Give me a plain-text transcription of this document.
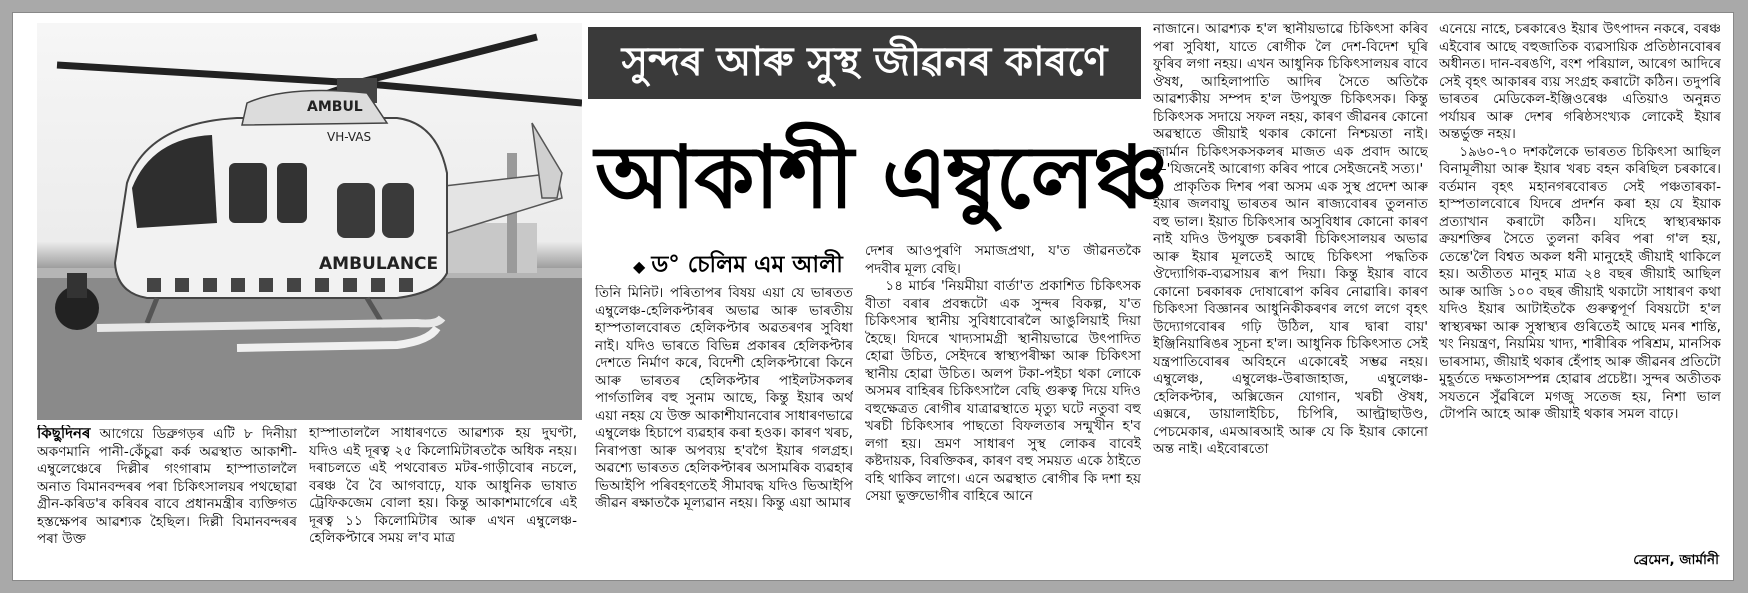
AMBUL
VH-VAS
AMBULANCE
সুন্দৰ আৰু সুস্থ জীৱনৰ কাৰণে
আকাশী এম্বুলেঞ্চ
◆ ড° চেলিম এম আলী

কিছুদিনৰ আগেয়ে ডিব্ৰুগড়ৰ এটি ৮ দিনীয়া অকণমানি পানী-কেঁচুৱা কৰ্ক অৱস্থাত আকাশী-এম্বুলেঞ্চেৰে দিল্লীৰ গংগাৰাম হাস্পাতাললৈ অনাত বিমানবন্দৰৰ পৰা চিকিৎসালয়ৰ পথছোৱা গ্ৰীন-কৰিড'ৰ কৰিবৰ বাবে প্ৰধানমন্ত্ৰীৰ ব্যক্তিগত হস্তক্ষেপৰ আৱশ্যক হৈছিল। দিল্লী বিমানবন্দৰৰ পৰা উক্ত

হাস্পাতাললৈ সাধাৰণতে আৱশ্যক হয় দুঘণ্টা, যদিও এই দূৰত্ব ২৫ কিলোমিটাৰতকৈ অধিক নহয়। দৰাচলতে এই পথবোৰত মটৰ-গাড়ীবোৰ নচলে, বৰঞ্চ বৈ বৈ আগবাঢ়ে, যাক আধুনিক ভাষাত ট্ৰেফিকজেম বোলা হয়। কিন্তু আকাশমাৰ্গেৰে এই দূৰত্ব ১১ কিলোমিটাৰ আৰু এখন এম্বুলেঞ্চ-হেলিকপ্টাৰে সময় ল'ব মাত্ৰ

তিনি মিনিট। পৰিতাপৰ বিষয় এয়া যে ভাৰতত এম্বুলেঞ্চ-হেলিকপ্টাৰৰ অভাৱ আৰু ভাৰতীয় হাস্পতালবোৰত হেলিকপ্টাৰ অৱতৰণৰ সুবিধা নাই। যদিও ভাৰতে বিভিন্ন প্ৰকাৰৰ হেলিকপ্টাৰ দেশতে নিৰ্মাণ কৰে, বিদেশী হেলিকপ্টাৰো কিনে আৰু ভাৰতৰ হেলিকপ্টাৰ পাইলটসকলৰ পাৰ্গতালিৰ বহু সুনাম আছে, কিন্তু ইয়াৰ অৰ্থ এয়া নহয় যে উক্ত আকাশীযানবোৰ সাধাৰণভাৱে এম্বুলেঞ্চ হিচাপে ব্যৱহাৰ কৰা হওক। কাৰণ খৰচ, নিৰাপত্তা আৰু অপব্যয় হ'বগৈ ইয়াৰ গলগ্ৰহ। অৱশ্যে ভাৰতত হেলিকপ্টাৰৰ অসামৰিক ব্যৱহাৰ ভিআইপি পৰিবহণতেই সীমাবদ্ধ যদিও ভিআইপি জীৱন ৰক্ষাতকৈ মূল্যৱান নহয়। কিন্তু এয়া আমাৰ

দেশৰ আওপুৰণি সমাজপ্ৰথা, য'ত জীৱনতকৈ পদবীৰ মূল্য বেছি।

১৪ মাৰ্চৰ 'নিয়মীয়া বাৰ্তা'ত প্ৰকাশিত চিকিৎসক বীতা বৰাৰ প্ৰবন্ধটো এক সুন্দৰ বিকল্প, য'ত চিকিৎসাৰ স্থানীয় সুবিধাবোৰলৈ আঙুলিয়াই দিয়া হৈছে। যিদৰে খাদ্যসামগ্ৰী স্থানীয়ভাৱে উৎপাদিত হোৱা উচিত, সেইদৰে স্বাস্থ্যপৰীক্ষা আৰু চিকিৎসা স্থানীয় হোৱা উচিত। অলপ টকা-পইচা থকা লোকে অসমৰ বাহিৰৰ চিকিৎসালৈ বেছি গুৰুত্ব দিয়ে যদিও বহুক্ষেত্ৰত ৰোগীৰ যাত্ৰাৱস্থাতে মৃত্যু ঘটে নতুবা বহু খৰচী চিকিৎসাৰ পাছতো বিফলতাৰ সন্মুখীন হ'ব লগা হয়। ভ্ৰমণ সাধাৰণ সুস্থ লোকৰ বাবেই কষ্টদায়ক, বিৰক্তিকৰ, কাৰণ বহু সময়ত একে ঠাইতে বহি থাকিব লাগে। এনে অৱস্থাত ৰোগীৰ কি দশা হয় সেয়া ভুক্তভোগীৰ বাহিৰে আনে

নাজানে। আৱশ্যক হ'ল স্থানীয়ভাৱে চিকিৎসা কৰিব পৰা সুবিধা, যাতে ৰোগীক লৈ দেশ-বিদেশ ঘূৰি ফুৰিব লগা নহয়। এখন আধুনিক চিকিৎসালয়ৰ বাবে ঔষধ, আহিলাপাতি আদিৰ সৈতে অতিকৈ আৱশ্যকীয় সম্পদ হ'ল উপযুক্ত চিকিৎসক। কিন্তু চিকিৎসক সদায়ে সফল নহয়, কাৰণ জীৱনৰ কোনো অৱস্থাতে জীয়াই থকাৰ কোনো নিশ্চয়তা নাই। জাৰ্মান চিকিৎসকসকলৰ মাজত এক প্ৰবাদ আছে—'যিজনেই আৰোগ্য কৰিব পাৰে সেইজনেই সত্য।'

প্ৰাকৃতিক দিশৰ পৰা অসম এক সুস্থ প্ৰদেশ আৰু ইয়াৰ জলবায়ু ভাৰতৰ আন ৰাজ্যবোৰৰ তুলনাত বহু ভাল। ইয়াত চিকিৎসাৰ অসুবিধাৰ কোনো কাৰণ নাই যদিও উপযুক্ত চৰকাৰী চিকিৎসালয়ৰ অভাৱ আৰু ইয়াৰ মূলতেই আছে চিকিৎসা পদ্ধতিক ঔদ্যোগিক-ব্যৱসায়ৰ ৰূপ দিয়া। কিন্তু ইয়াৰ বাবে কোনো চৰকাৰক দোষাৰোপ কৰিব নোৱাৰি। কাৰণ চিকিৎসা বিজ্ঞানৰ আধুনিকীকৰণৰ লগে লগে বৃহৎ উদ্যোগবোৰৰ গঢ়ি উঠিল, যাৰ দ্বাৰা বায়' ইঞ্জিনিয়াৰিঙৰ সূচনা হ'ল। আধুনিক চিকিৎসাত সেই যন্ত্ৰপাতিবোৰৰ অবিহনে একোৰেই সম্ভৱ নহয়। এম্বুলেঞ্চ, এম্বুলেঞ্চ-উৰাজাহাজ, এম্বুলেঞ্চ-হেলিকপ্টাৰ, অক্সিজেন যোগান, খৰচী ঔষধ, এক্সৰে, ডায়ালাইচিচ, চিপিৰি, আল্ট্ৰাছাউণ্ড, পেচমেকাৰ, এমআৰআই আৰু যে কি ইয়াৰ কোনো অন্ত নাই। এইবোৰতো

এনেয়ে নাহে, চৰকাৰেও ইয়াৰ উৎপাদন নকৰে, বৰঞ্চ এইবোৰ আছে বহুজাতিক ব্যৱসায়িক প্ৰতিষ্ঠানবোৰৰ অধীনত। দান-বৰঙণি, বংশ পৰিয়াল, আৰেগ আদিৰে সেই বৃহৎ আকাৰৰ ব্যয় সংগ্ৰহ কৰাটো কঠিন। তদুপৰি ভাৰতৰ মেডিকেল-ইঞ্জিওৰেঞ্চ এতিয়াও অনুন্নত পৰ্যায়ৰ আৰু দেশৰ গৰিষ্ঠসংখ্যক লোকেই ইয়াৰ অন্তৰ্ভুক্ত নহয়।

১৯৬০-৭০ দশকলৈকে ভাৰতত চিকিৎসা আছিল বিনামূলীয়া আৰু ইয়াৰ খৰচ বহন কৰিছিল চৰকাৰে। বৰ্তমান বৃহৎ মহানগৰবোৰত সেই পঞ্চতাৰকা-হাস্পতালবোৰে যিদৰে প্ৰদৰ্শন কৰা হয় যে ইয়াক প্ৰত্যাখান কৰাটো কঠিন। যদিহে স্বাস্থ্যৰক্ষাক ক্ৰয়শক্তিৰ সৈতে তুলনা কৰিব পৰা গ'ল হয়, তেন্তে'লৈ বিশ্বত অকল ধনী মানুহেই জীয়াই থাকিলে হয়। অতীতত মানুহ মাত্ৰ ২৪ বছৰ জীয়াই আছিল আৰু আজি ১০০ বছৰ জীয়াই থকাটো সাধাৰণ কথা যদিও ইয়াৰ আটাইতকৈ গুৰুত্বপূৰ্ণ বিষয়টো হ'ল স্বাস্থ্যৰক্ষা আৰু সুস্বাস্থ্যৰ গুৰিতেই আছে মনৰ শান্তি, খং নিয়ন্ত্ৰণ, নিয়মিয় খাদ্য, শাৰীৰিক পৰিশ্ৰম, মানসিক ভাৰসাম্য, জীয়াই থকাৰ হেঁপাহ আৰু জীৱনৰ প্ৰতিটো মুহূৰ্ততে দক্ষতাসম্পন্ন হোৱাৰ প্ৰচেষ্টা। সুন্দৰ অতীতক সযতনে সুঁৱৰিলে মগজু সতেজ হয়, নিশা ভাল টোপনি আহে আৰু জীয়াই থকাৰ সমল বাঢ়ে।

ব্ৰেমেন, জাৰ্মানী
